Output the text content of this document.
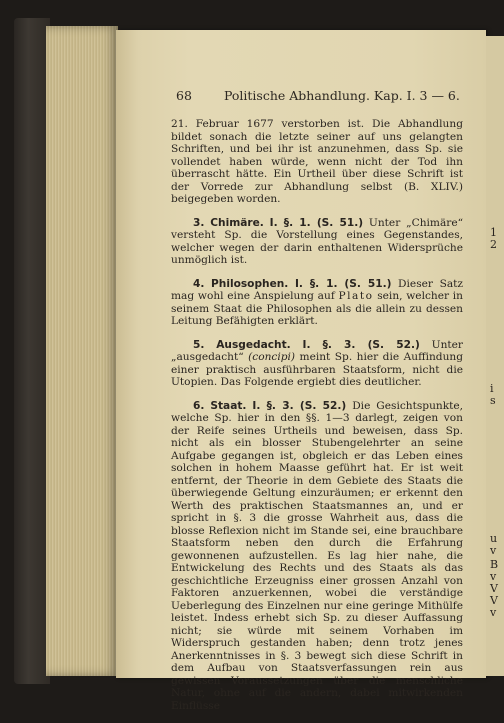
1
2
i
s
u
v
B
v
V
V
v
68	Politische Abhandlung. Kap. I. 3 — 6.

21. Februar 1677 verstorben ist. Die Abhandlung bildet sonach die letzte seiner auf uns gelangten Schriften, und bei ihr ist anzunehmen, dass Sp. sie vollendet haben würde, wenn nicht der Tod ihn überrascht hätte. Ein Urtheil über diese Schrift ist der Vorrede zur Abhandlung selbst (B. XLIV.) beigegeben worden.

3. Chimäre. I. §. 1. (S. 51.) Unter „Chimäre“ versteht Sp. die Vorstellung eines Gegenstandes, welcher wegen der darin enthaltenen Widersprüche unmöglich ist.

4. Philosophen. I. §. 1. (S. 51.) Dieser Satz mag wohl eine Anspielung auf Plato sein, welcher in seinem Staat die Philosophen als die allein zu dessen Leitung Befähigten erklärt.

5. Ausgedacht. I. §. 3. (S. 52.) Unter „ausgedacht“ (concipi) meint Sp. hier die Auffindung einer praktisch ausführbaren Staatsform, nicht die Utopien. Das Folgende ergiebt dies deutlicher.

6. Staat. I. §. 3. (S. 52.) Die Gesichtspunkte, welche Sp. hier in den §§. 1—3 darlegt, zeigen von der Reife seines Urtheils und beweisen, dass Sp. nicht als ein blosser Stubengelehrter an seine Aufgabe gegangen ist, obgleich er das Leben eines solchen in hohem Maasse geführt hat. Er ist weit entfernt, der Theorie in dem Gebiete des Staats die überwiegende Geltung einzuräumen; er erkennt den Werth des praktischen Staatsmannes an, und er spricht in §. 3 die grosse Wahrheit aus, dass die blosse Reflexion nicht im Stande sei, eine brauchbare Staatsform neben den durch die Erfahrung gewonnenen aufzustellen. Es lag hier nahe, die Entwickelung des Rechts und des Staats als das geschichtliche Erzeugniss einer grossen Anzahl von Faktoren anzuerkennen, wobei die verständige Ueberlegung des Einzelnen nur eine geringe Mithülfe leistet. Indess erhebt sich Sp. zu dieser Auffassung nicht; sie würde mit seinem Vorhaben im Widerspruch gestanden haben; denn trotz jenes Anerkenntnisses in §. 3 bewegt sich diese Schrift in dem Aufbau von Staatsverfassungen rein aus gewissen Voraussetzungen über die menschliche Natur, ohne auf die andern, dabei mitwirkenden Einflüsse
